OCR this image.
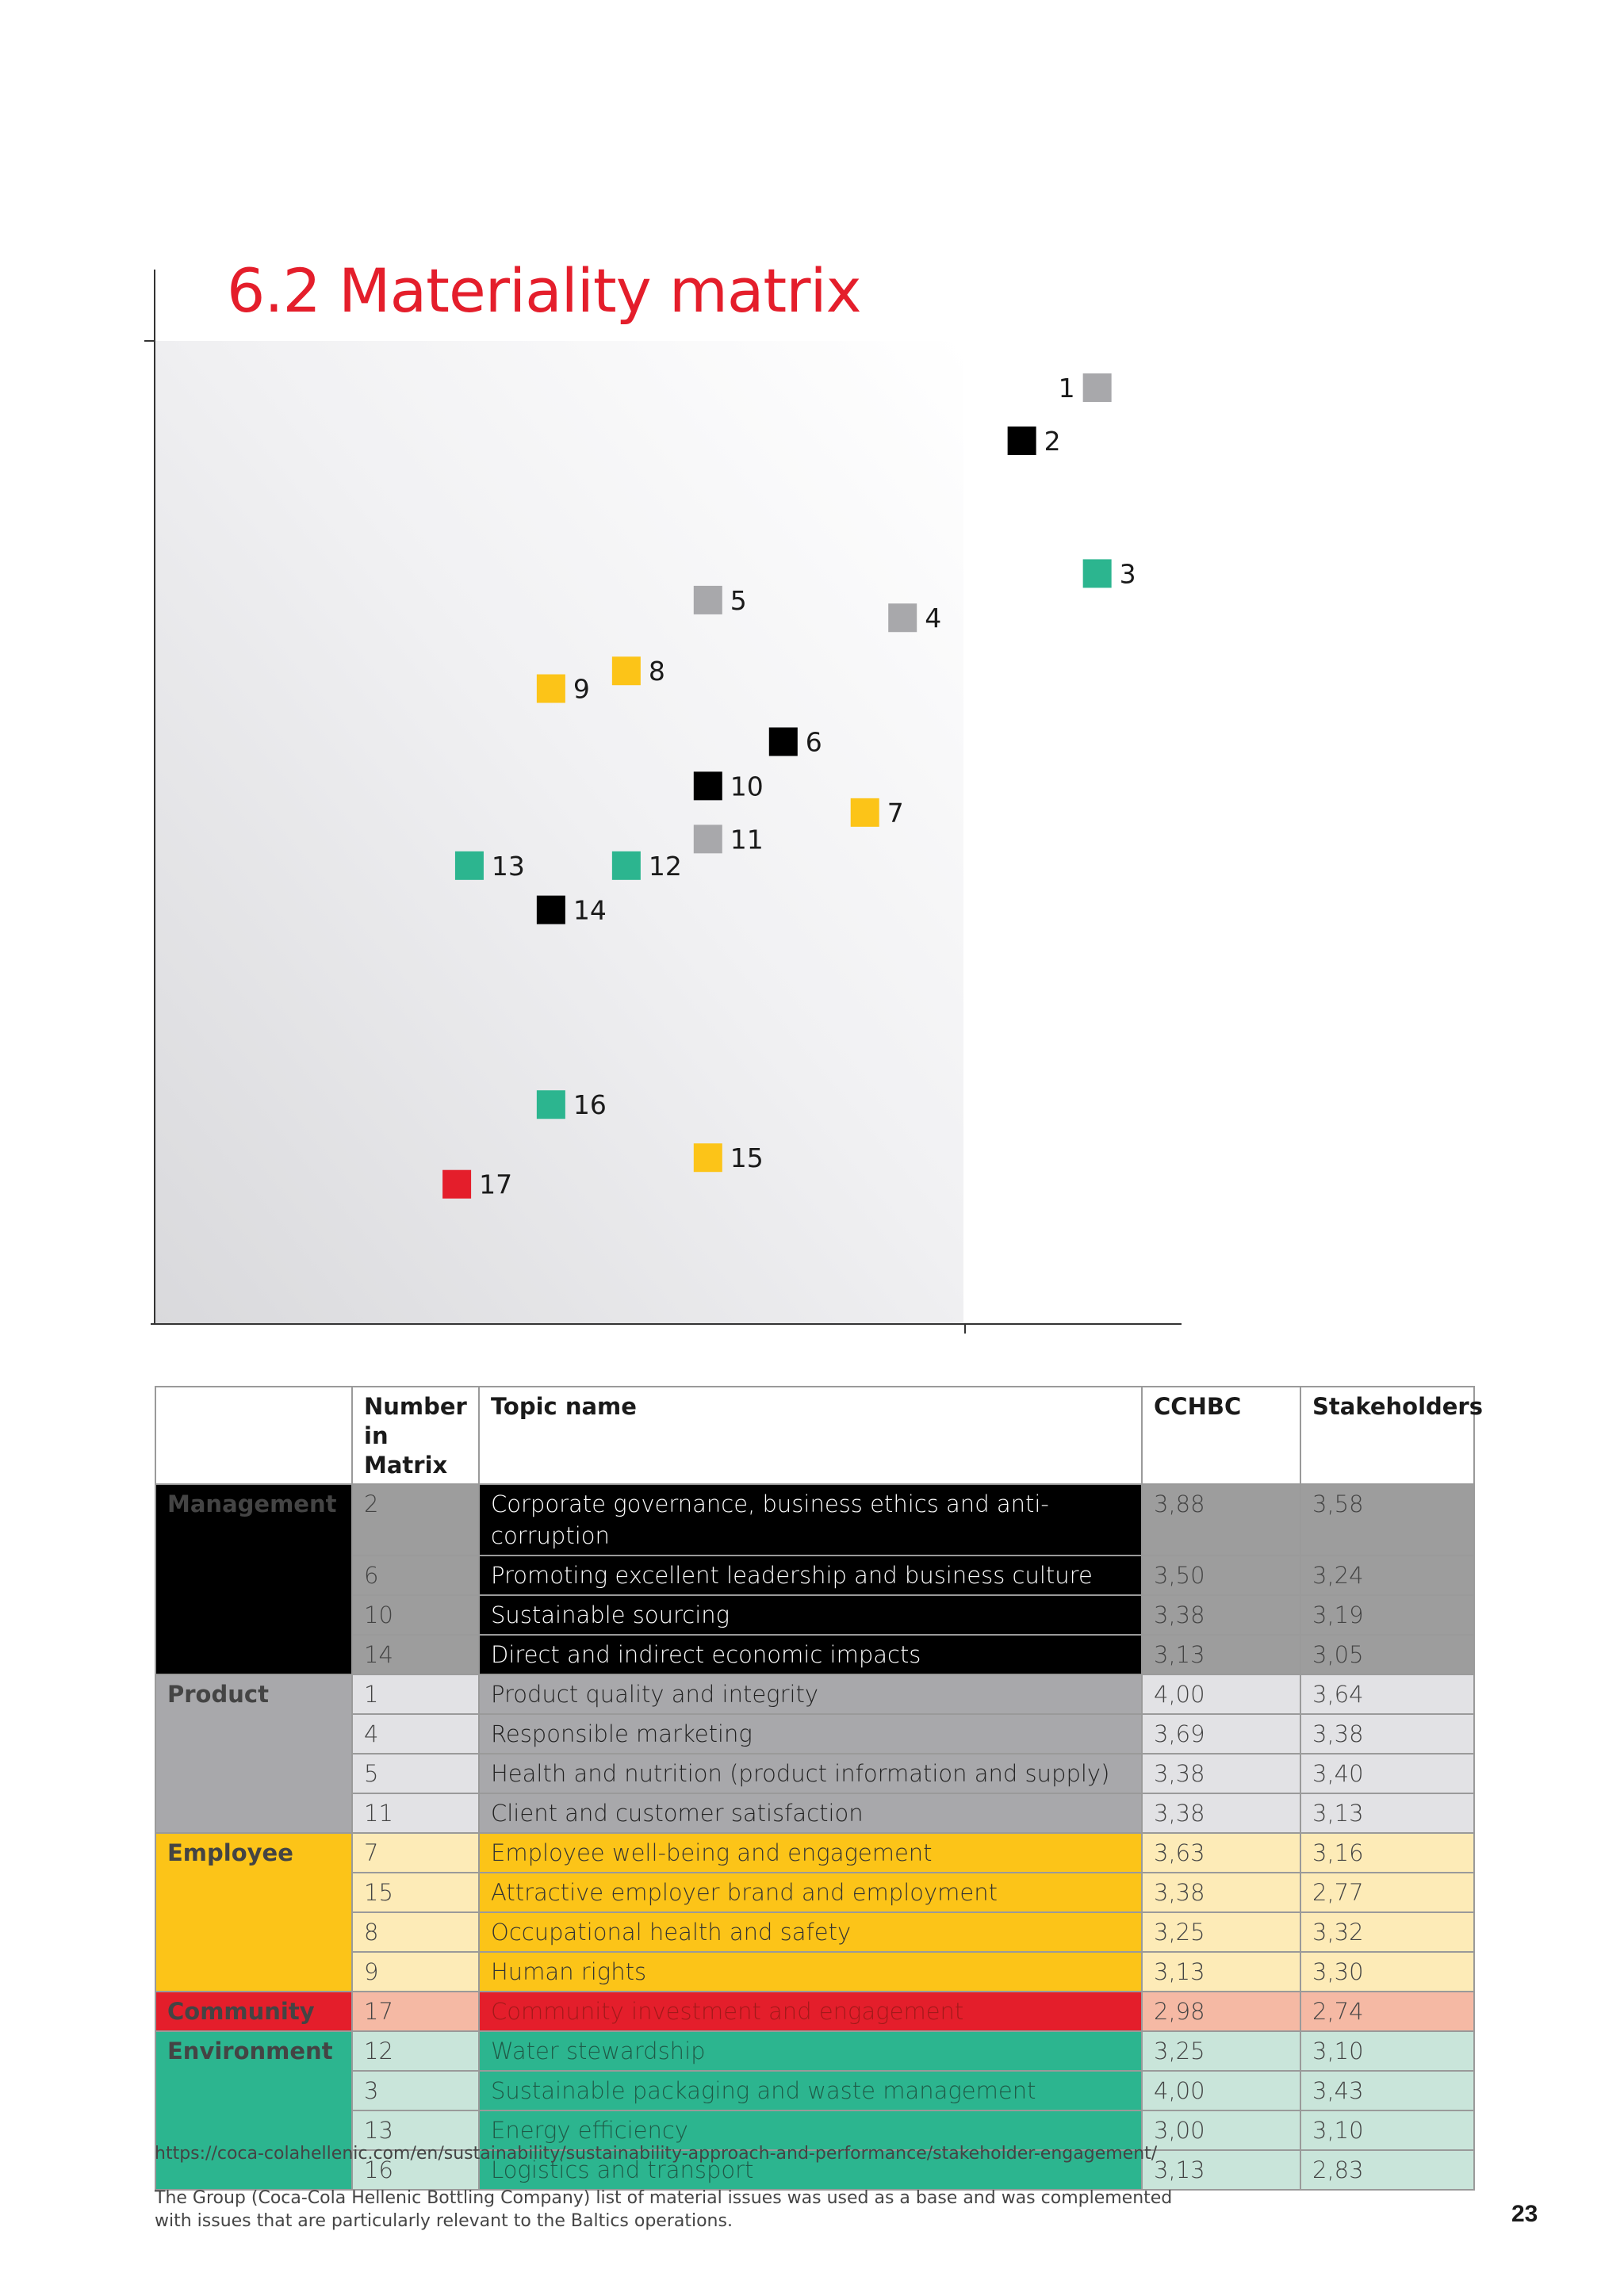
6.2 Materiality matrix
1
2
3
4
5
6
7
8
9
10
11
12
13
14
15
16
17
	Number in Matrix	Topic name	CCHBC	Stakeholders
Management	2	Corporate governance, business ethics and anti-corruption	3,88	3,58
	6	Promoting excellent leadership and business culture	3,50	3,24
	10	Sustainable sourcing	3,38	3,19
	14	Direct and indirect economic impacts	3,13	3,05
Product	1	Product quality and integrity	4,00	3,64
	4	Responsible marketing	3,69	3,38
	5	Health and nutrition (product information and supply)	3,38	3,40
	11	Client and customer satisfaction	3,38	3,13
Employee	7	Employee well-being and engagement	3,63	3,16
	15	Attractive employer brand and employment	3,38	2,77
	8	Occupational health and safety	3,25	3,32
	9	Human rights	3,13	3,30
Community	17	Community investment and engagement	2,98	2,74
Environment	12	Water stewardship	3,25	3,10
	3	Sustainable packaging and waste management	4,00	3,43
	13	Energy efficiency	3,00	3,10
	16	Logistics and transport	3,13	2,83
https://coca-colahellenic.com/en/sustainability/sustainability-approach-and-performance/stakeholder-engagement/
The Group (Coca-Cola Hellenic Bottling Company) list of material issues was used as a base and was complemented with issues that are particularly relevant to the Baltics operations.	23
